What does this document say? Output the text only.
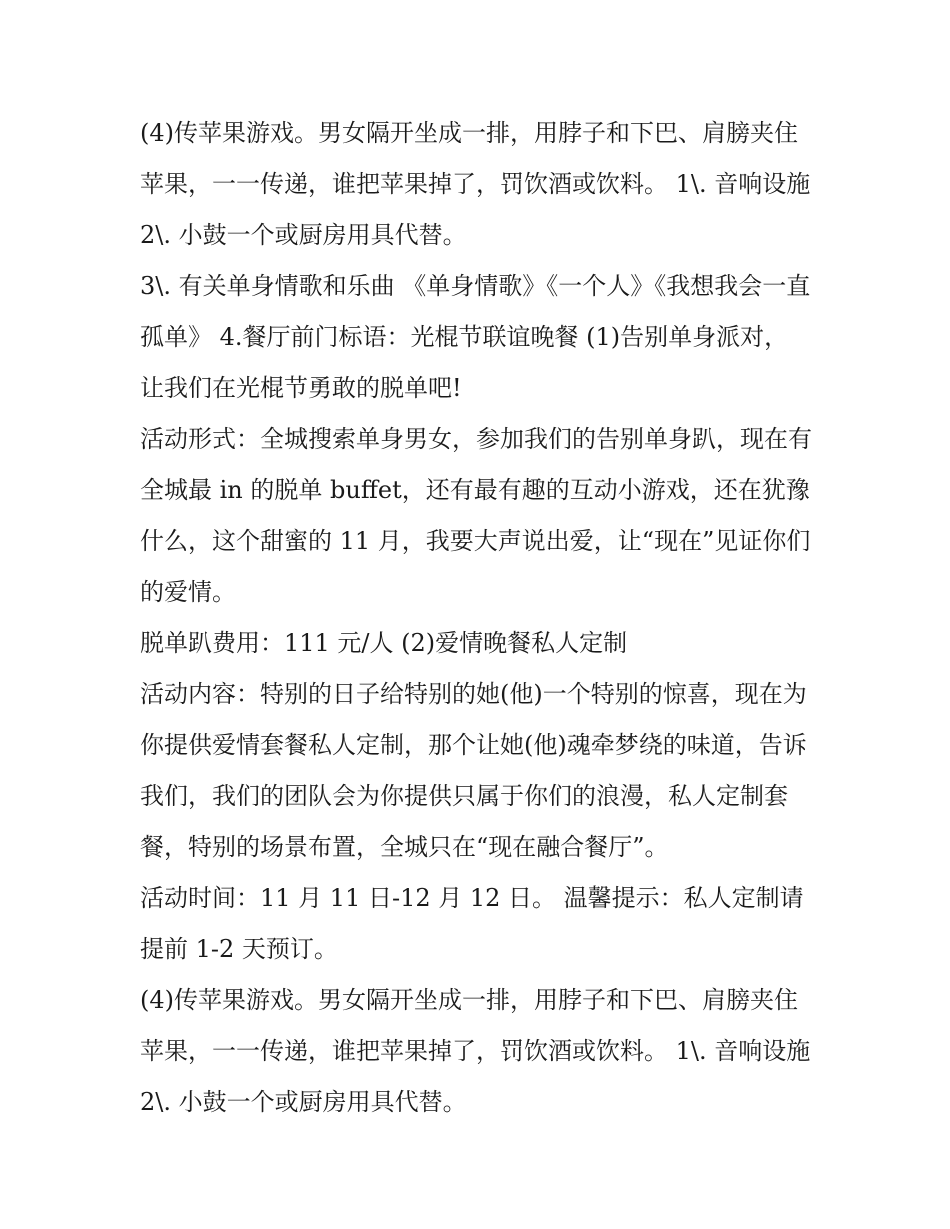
(4)传苹果游戏。男女隔开坐成一排，用脖子和下巴、肩膀夹住苹果，一一传递，谁把苹果掉了，罚饮酒或饮料。 1\. 音响设施 2\. 小鼓一个或厨房用具代替。

3\. 有关单身情歌和乐曲 《单身情歌》《一个人》《我想我会一直孤单》 4.餐厅前门标语：光棍节联谊晚餐 (1)告别单身派对，让我们在光棍节勇敢的脱单吧!

活动形式：全城搜索单身男女，参加我们的告别单身趴，现在有全城最 in 的脱单 buffet，还有最有趣的互动小游戏，还在犹豫什么，这个甜蜜的 11 月，我要大声说出爱，让“现在”见证你们的爱情。

脱单趴费用：111 元/人 (2)爱情晚餐私人定制

活动内容：特别的日子给特别的她(他)一个特别的惊喜，现在为你提供爱情套餐私人定制，那个让她(他)魂牵梦绕的味道，告诉我们，我们的团队会为你提供只属于你们的浪漫，私人定制套餐，特别的场景布置，全城只在“现在融合餐厅”。

活动时间：11 月 11 日-12 月 12 日。 温馨提示：私人定制请提前 1-2 天预订。

(4)传苹果游戏。男女隔开坐成一排，用脖子和下巴、肩膀夹住苹果，一一传递，谁把苹果掉了，罚饮酒或饮料。 1\. 音响设施 2\. 小鼓一个或厨房用具代替。
